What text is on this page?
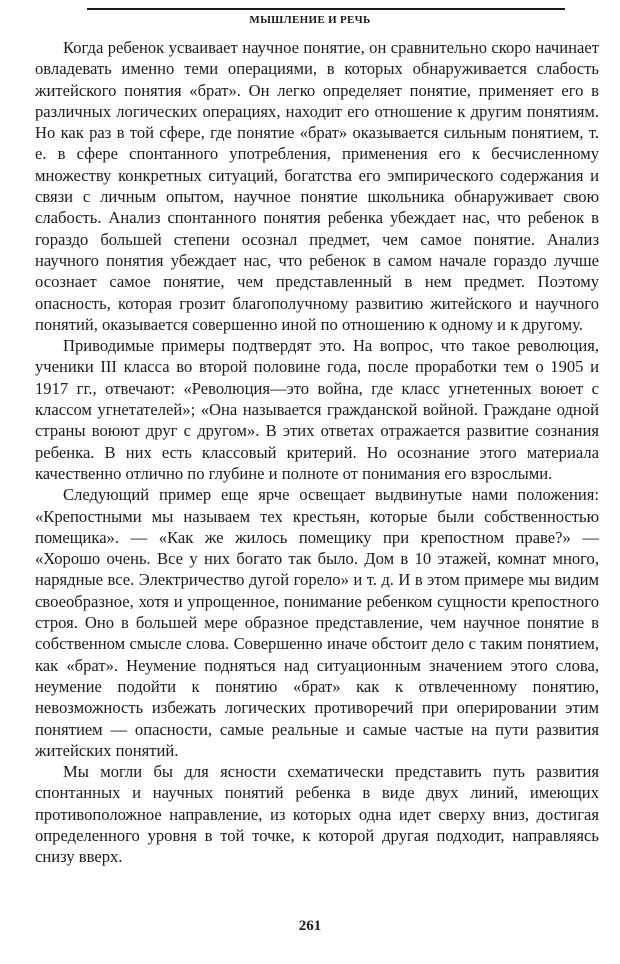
МЫШЛЕНИЕ И РЕЧЬ

Когда ребенок усваивает научное понятие, он сравнительно скоро начинает овладевать именно теми операциями, в которых обнаруживается слабость житейского понятия «брат». Он легко определяет понятие, применяет его в различных логических операциях, находит его отношение к другим понятиям. Но как раз в той сфере, где понятие «брат» оказывается сильным понятием, т. е. в сфере спонтанного употребления, применения его к бесчисленному множеству конкретных ситуаций, богатства его эмпирического содержания и связи с личным опытом, научное понятие школьника обнаруживает свою слабость. Анализ спонтанного понятия ребенка убеждает нас, что ребенок в гораздо большей степени осознал предмет, чем самое понятие. Анализ научного понятия убеждает нас, что ребенок в самом начале гораздо лучше осознает самое понятие, чем представленный в нем предмет. Поэтому опасность, которая грозит благополучному развитию житейского и научного понятий, оказывается совершенно иной по отношению к одному и к другому.

Приводимые примеры подтвердят это. На вопрос, что такое революция, ученики III класса во второй половине года, после проработки тем о 1905 и 1917 гг., отвечают: «Революция—это война, где класс угнетенных воюет с классом угнетателей»; «Она называется гражданской войной. Граждане одной страны воюют друг с другом». В этих ответах отражается развитие сознания ребенка. В них есть классовый критерий. Но осознание этого материала качественно отлично по глубине и полноте от понимания его взрослыми.

Следующий пример еще ярче освещает выдвинутые нами положения: «Крепостными мы называем тех крестьян, которые были собственностью помещика». — «Как же жилось помещику при крепостном праве?» — «Хорошо очень. Все у них богато так было. Дом в 10 этажей, комнат много, нарядные все. Электричество дугой горело» и т. д. И в этом примере мы видим своеобразное, хотя и упрощенное, понимание ребенком сущности крепостного строя. Оно в большей мере образное представление, чем научное понятие в собственном смысле слова. Совершенно иначе обстоит дело с таким понятием, как «брат». Неумение подняться над ситуационным значением этого слова, неумение подойти к понятию «брат» как к отвлеченному понятию, невозможность избежать логических противоречий при оперировании этим понятием — опасности, самые реальные и самые частые на пути развития житейских понятий.

Мы могли бы для ясности схематически представить путь развития спонтанных и научных понятий ребенка в виде двух линий, имеющих противоположное направление, из которых одна идет сверху вниз, достигая определенного уровня в той точке, к которой другая подходит, направляясь снизу вверх.

261
